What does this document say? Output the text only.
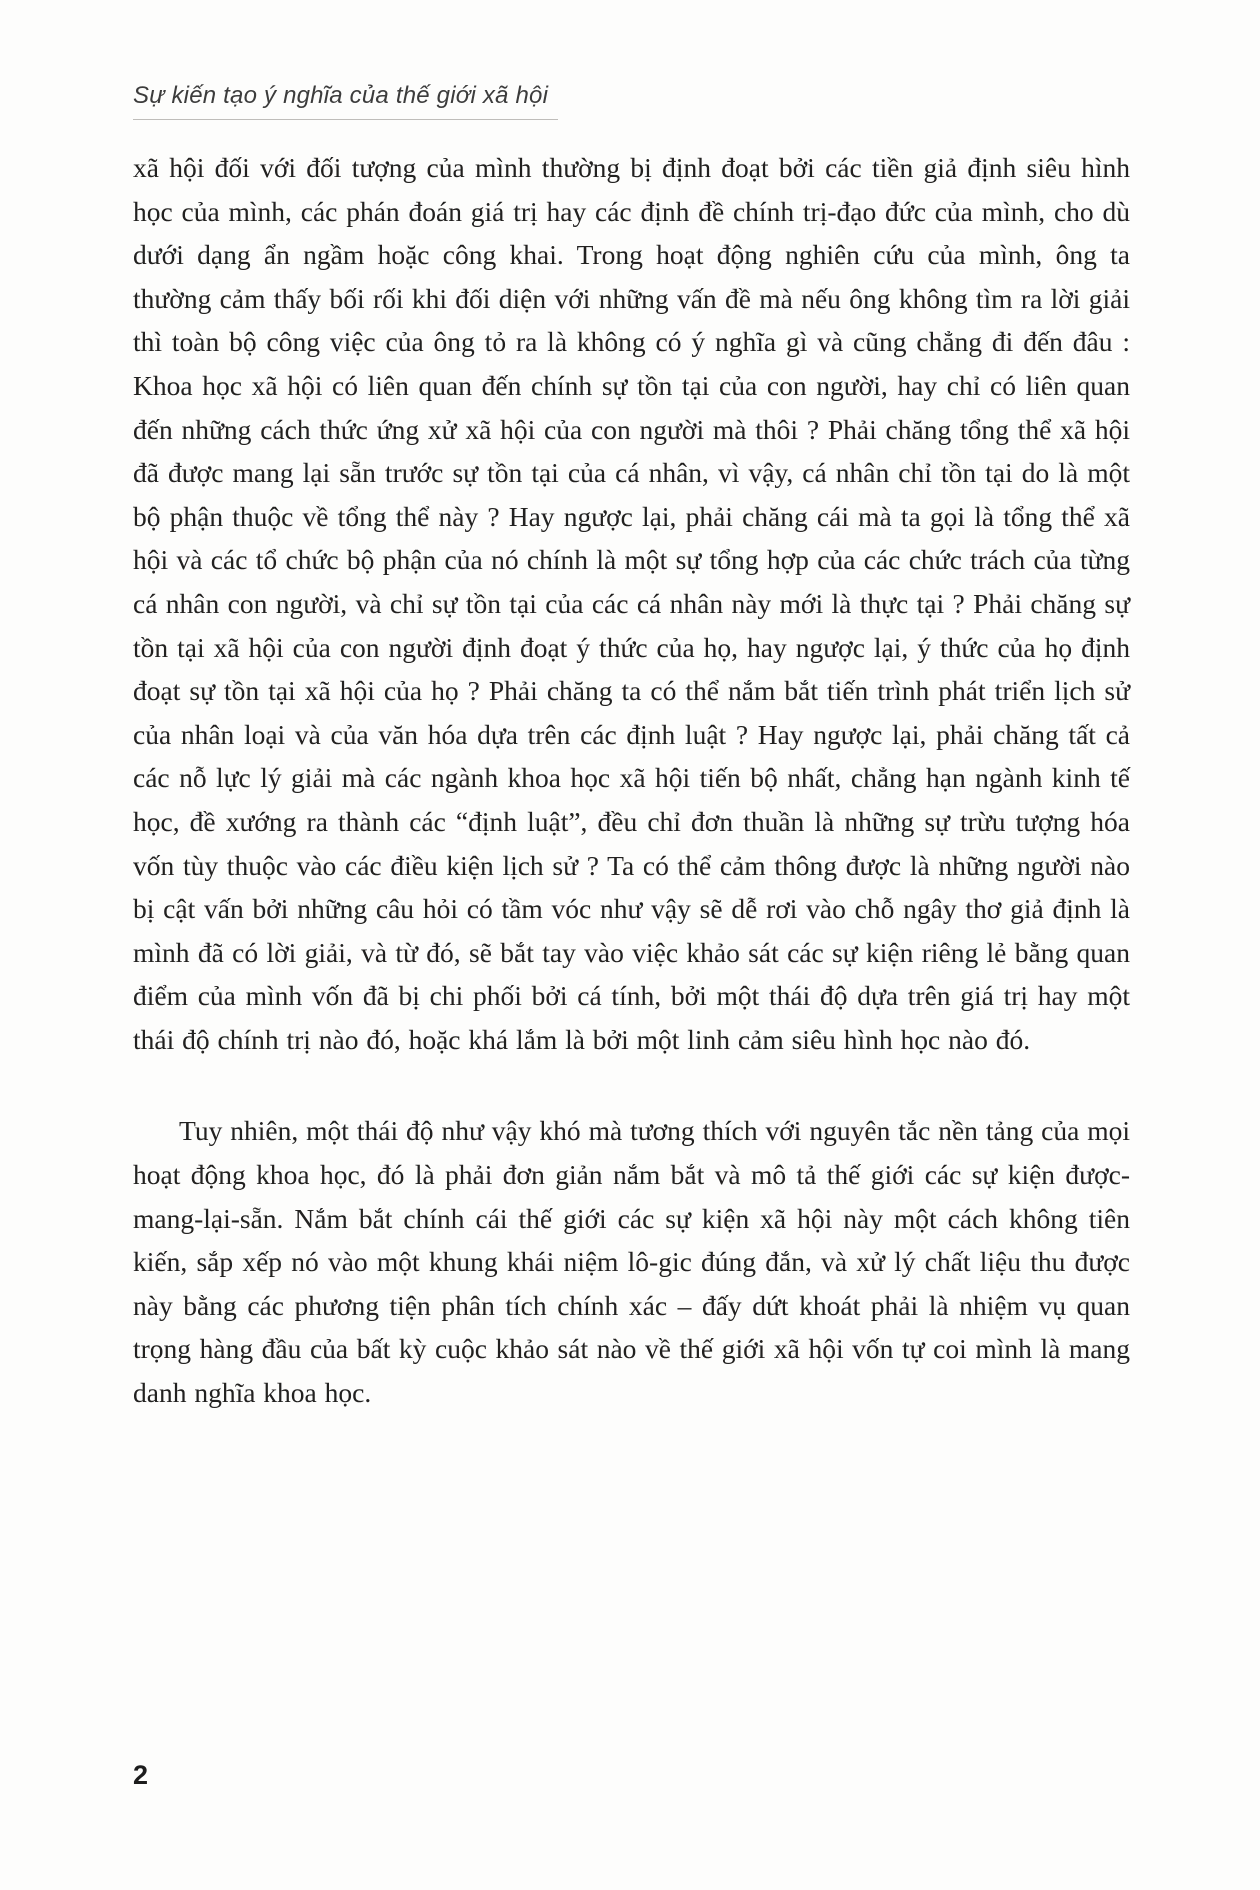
Sự kiến tạo ý nghĩa của thế giới xã hội

xã hội đối với đối tượng của mình thường bị định đoạt bởi các tiền giả định siêu hình học của mình, các phán đoán giá trị hay các định đề chính trị-đạo đức của mình, cho dù dưới dạng ẩn ngầm hoặc công khai. Trong hoạt động nghiên cứu của mình, ông ta thường cảm thấy bối rối khi đối diện với những vấn đề mà nếu ông không tìm ra lời giải thì toàn bộ công việc của ông tỏ ra là không có ý nghĩa gì và cũng chẳng đi đến đâu : Khoa học xã hội có liên quan đến chính sự tồn tại của con người, hay chỉ có liên quan đến những cách thức ứng xử xã hội của con người mà thôi ? Phải chăng tổng thể xã hội đã được mang lại sẵn trước sự tồn tại của cá nhân, vì vậy, cá nhân chỉ tồn tại do là một bộ phận thuộc về tổng thể này ? Hay ngược lại, phải chăng cái mà ta gọi là tổng thể xã hội và các tổ chức bộ phận của nó chính là một sự tổng hợp của các chức trách của từng cá nhân con người, và chỉ sự tồn tại của các cá nhân này mới là thực tại ? Phải chăng sự tồn tại xã hội của con người định đoạt ý thức của họ, hay ngược lại, ý thức của họ định đoạt sự tồn tại xã hội của họ ? Phải chăng ta có thể nắm bắt tiến trình phát triển lịch sử của nhân loại và của văn hóa dựa trên các định luật ? Hay ngược lại, phải chăng tất cả các nỗ lực lý giải mà các ngành khoa học xã hội tiến bộ nhất, chẳng hạn ngành kinh tế học, đề xướng ra thành các “định luật”, đều chỉ đơn thuần là những sự trừu tượng hóa vốn tùy thuộc vào các điều kiện lịch sử ? Ta có thể cảm thông được là những người nào bị cật vấn bởi những câu hỏi có tầm vóc như vậy sẽ dễ rơi vào chỗ ngây thơ giả định là mình đã có lời giải, và từ đó, sẽ bắt tay vào việc khảo sát các sự kiện riêng lẻ bằng quan điểm của mình vốn đã bị chi phối bởi cá tính, bởi một thái độ dựa trên giá trị hay một thái độ chính trị nào đó, hoặc khá lắm là bởi một linh cảm siêu hình học nào đó.

Tuy nhiên, một thái độ như vậy khó mà tương thích với nguyên tắc nền tảng của mọi hoạt động khoa học, đó là phải đơn giản nắm bắt và mô tả thế giới các sự kiện được-mang-lại-sẵn. Nắm bắt chính cái thế giới các sự kiện xã hội này một cách không tiên kiến, sắp xếp nó vào một khung khái niệm lô-gic đúng đắn, và xử lý chất liệu thu được này bằng các phương tiện phân tích chính xác – đấy dứt khoát phải là nhiệm vụ quan trọng hàng đầu của bất kỳ cuộc khảo sát nào về thế giới xã hội vốn tự coi mình là mang danh nghĩa khoa học.

2
